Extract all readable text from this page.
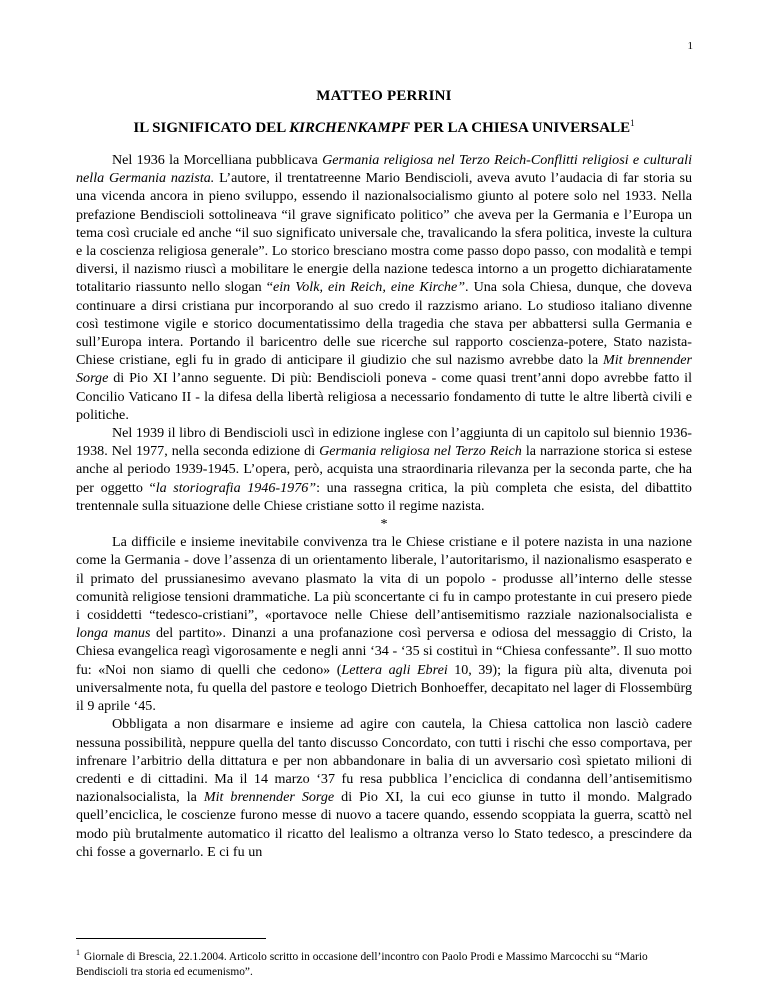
1
MATTEO PERRINI
IL SIGNIFICATO DEL KIRCHENKAMPF PER LA CHIESA UNIVERSALE$^1$

Nel 1936 la Morcelliana pubblicava Germania religiosa nel Terzo Reich-Conflitti religiosi e culturali nella Germania nazista. L’autore, il trentatreenne Mario Bendiscioli, aveva avuto l’audacia di far storia su una vicenda ancora in pieno sviluppo, essendo il nazionalsocialismo giunto al potere solo nel 1933. Nella prefazione Bendiscioli sottolineava “il grave significato politico” che aveva per la Germania e l’Europa un tema così cruciale ed anche “il suo significato universale che, travalicando la sfera politica, investe la cultura e la coscienza religiosa generale”. Lo storico bresciano mostra come passo dopo passo, con modalità e tempi diversi, il nazismo riuscì a mobilitare le energie della nazione tedesca intorno a un progetto dichiaratamente totalitario riassunto nello slogan “ein Volk, ein Reich, eine Kirche”. Una sola Chiesa, dunque, che doveva continuare a dirsi cristiana pur incorporando al suo credo il razzismo ariano. Lo studioso italiano divenne così testimone vigile e storico documentatissimo della tragedia che stava per abbattersi sulla Germania e sull’Europa intera. Portando il baricentro delle sue ricerche sul rapporto coscienza-potere, Stato nazista-Chiese cristiane, egli fu in grado di anticipare il giudizio che sul nazismo avrebbe dato la Mit brennender Sorge di Pio XI l’anno seguente. Di più: Bendiscioli poneva - come quasi trent’anni dopo avrebbe fatto il Concilio Vaticano II - la difesa della libertà religiosa a necessario fondamento di tutte le altre libertà civili e politiche.

Nel 1939 il libro di Bendiscioli uscì in edizione inglese con l’aggiunta di un capitolo sul biennio 1936-1938. Nel 1977, nella seconda edizione di Germania religiosa nel Terzo Reich la narrazione storica si estese anche al periodo 1939-1945. L’opera, però, acquista una straordinaria rilevanza per la seconda parte, che ha per oggetto “la storiografia 1946-1976”: una rassegna critica, la più completa che esista, del dibattito trentennale sulla situazione delle Chiese cristiane sotto il regime nazista.

*

La difficile e insieme inevitabile convivenza tra le Chiese cristiane e il potere nazista in una nazione come la Germania - dove l’assenza di un orientamento liberale, l’autoritarismo, il nazionalismo esasperato e il primato del prussianesimo avevano plasmato la vita di un popolo - produsse all’interno delle stesse comunità religiose tensioni drammatiche. La più sconcertante ci fu in campo protestante in cui presero piede i cosiddetti “tedesco-cristiani”, «portavoce nelle Chiese dell’antisemitismo razziale nazionalsocialista e longa manus del partito». Dinanzi a una profanazione così perversa e odiosa del messaggio di Cristo, la Chiesa evangelica reagì vigorosamente e negli anni ‘34 - ‘35 si costituì in “Chiesa confessante”. Il suo motto fu: «Noi non siamo di quelli che cedono» (Lettera agli Ebrei 10, 39); la figura più alta, divenuta poi universalmente nota, fu quella del pastore e teologo Dietrich Bonhoeffer, decapitato nel lager di Flossembürg il 9 aprile ‘45.

Obbligata a non disarmare e insieme ad agire con cautela, la Chiesa cattolica non lasciò cadere nessuna possibilità, neppure quella del tanto discusso Concordato, con tutti i rischi che esso comportava, per infrenare l’arbitrio della dittatura e per non abbandonare in balia di un avversario così spietato milioni di credenti e di cittadini. Ma il 14 marzo ‘37 fu resa pubblica l’enciclica di condanna dell’antisemitismo nazionalsocialista, la Mit brennender Sorge di Pio XI, la cui eco giunse in tutto il mondo. Malgrado quell’enciclica, le coscienze furono messe di nuovo a tacere quando, essendo scoppiata la guerra, scattò nel modo più brutalmente automatico il ricatto del lealismo a oltranza verso lo Stato tedesco, a prescindere da chi fosse a governarlo. E ci fu un

$^1$ Giornale di Brescia, 22.1.2004. Articolo scritto in occasione dell’incontro con Paolo Prodi e Massimo Marcocchi su “Mario Bendiscioli tra storia ed ecumenismo”.
